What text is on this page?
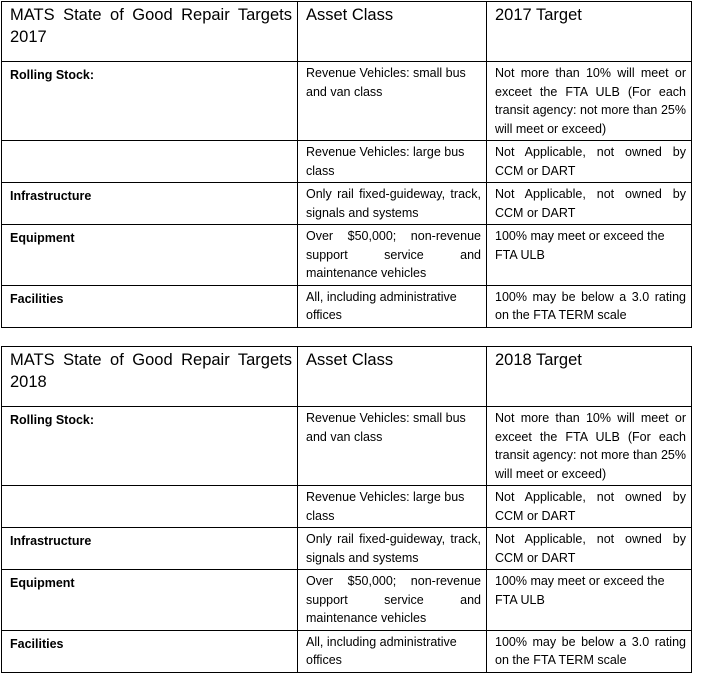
MATS State of Good Repair Targets 2017	Asset Class	2017 Target
Rolling Stock:	Revenue Vehicles: small bus and van class	Not more than 10% will meet or exceet the FTA ULB (For each transit agency: not more than 25% will meet or exceed)
	Revenue Vehicles: large bus class	Not Applicable, not owned by CCM or DART
Infrastructure	Only rail fixed-guideway, track, signals and systems	Not Applicable, not owned by CCM or DART
Equipment	Over $50,000; non-revenue support service and maintenance vehicles	100% may meet or exceed the FTA ULB
Facilities	All, including administrative offices	100% may be below a 3.0 rating on the FTA TERM scale
MATS State of Good Repair Targets 2018	Asset Class	2018 Target
Rolling Stock:	Revenue Vehicles: small bus and van class	Not more than 10% will meet or exceet the FTA ULB (For each transit agency: not more than 25% will meet or exceed)
	Revenue Vehicles: large bus class	Not Applicable, not owned by CCM or DART
Infrastructure	Only rail fixed-guideway, track, signals and systems	Not Applicable, not owned by CCM or DART
Equipment	Over $50,000; non-revenue support service and maintenance vehicles	100% may meet or exceed the FTA ULB
Facilities	All, including administrative offices	100% may be below a 3.0 rating on the FTA TERM scale
